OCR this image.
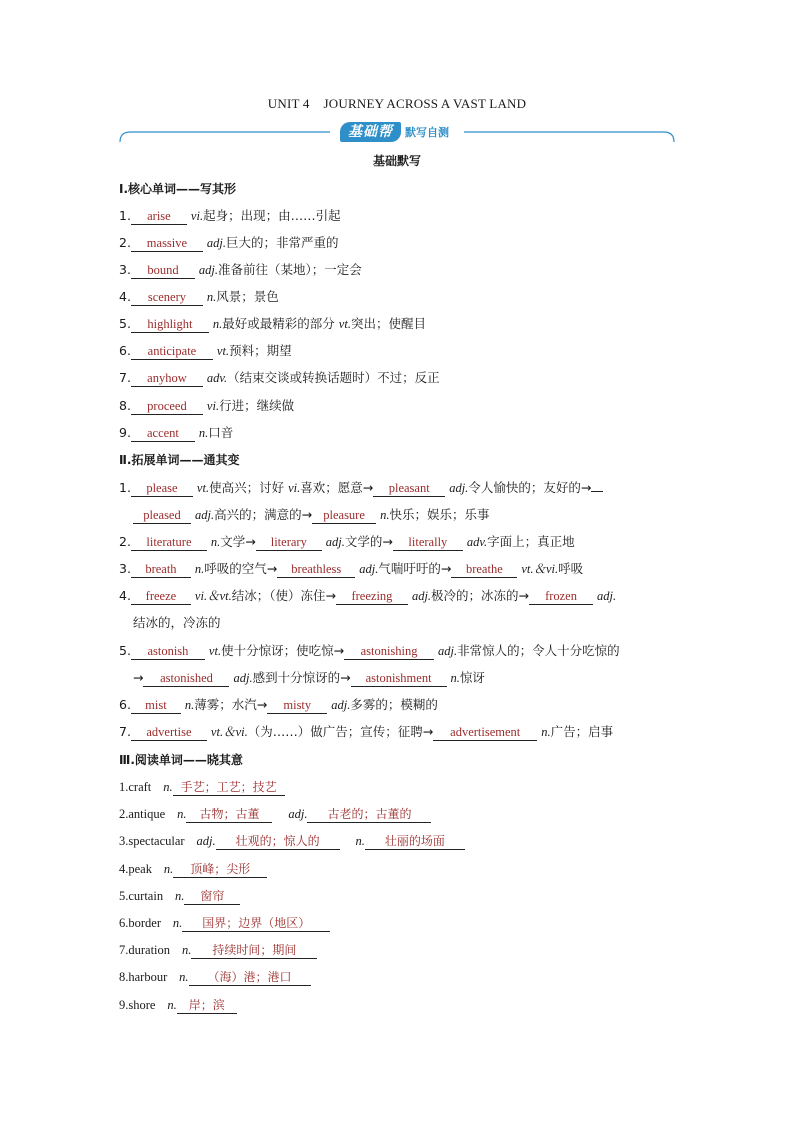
UNIT 4 JOURNEY ACROSS A VAST LAND
基础帮	默写自测
基础默写
Ⅰ.核心单词——写其形
1. arise vi.起身；出现；由……引起
2. massive adj.巨大的；非常严重的
3. bound adj.准备前往（某地）；一定会
4. scenery n.风景；景色
5. highlight n.最好或最精彩的部分 vt.突出；使醒目
6. anticipate vt.预料；期望
7. anyhow adv.（结束交谈或转换话题时）不过；反正
8. proceed vi.行进；继续做
9. accent n.口音
Ⅱ.拓展单词——通其变
1. please vt.使高兴；讨好 vi.喜欢；愿意→ pleasant adj.令人愉快的；友好的→
pleased adj.高兴的；满意的→ pleasure n.快乐；娱乐；乐事
2. literature n.文学→ literary adj.文学的→ literally adv.字面上；真正地
3. breath n.呼吸的空气→ breathless adj.气喘吁吁的→ breathe vt.＆vi.呼吸
4. freeze vi.＆vt.结冰；（使）冻住→ freezing adj.极冷的；冰冻的→ frozen adj.
结冰的，冷冻的
5. astonish vt.使十分惊讶；使吃惊→ astonishing adj.非常惊人的；令人十分吃惊的
→ astonished adj.感到十分惊讶的→ astonishment n.惊讶
6. mist n.薄雾；水汽→ misty adj.多雾的；模糊的
7. advertise vt.＆vi.（为……）做广告；宣传；征聘→ advertisement n.广告；启事
Ⅲ.阅读单词——晓其意
1.craft n. 手艺；工艺；技艺
2.antique n. 古物；古董 adj. 古老的；古董的
3.spectacular adj. 壮观的；惊人的	n. 壮丽的场面
4.peak n. 顶峰；尖形
5.curtain n. 窗帘
6.border n. 国界；边界（地区）
7.duration n. 持续时间；期间
8.harbour n. （海）港；港口
9.shore n. 岸；滨
